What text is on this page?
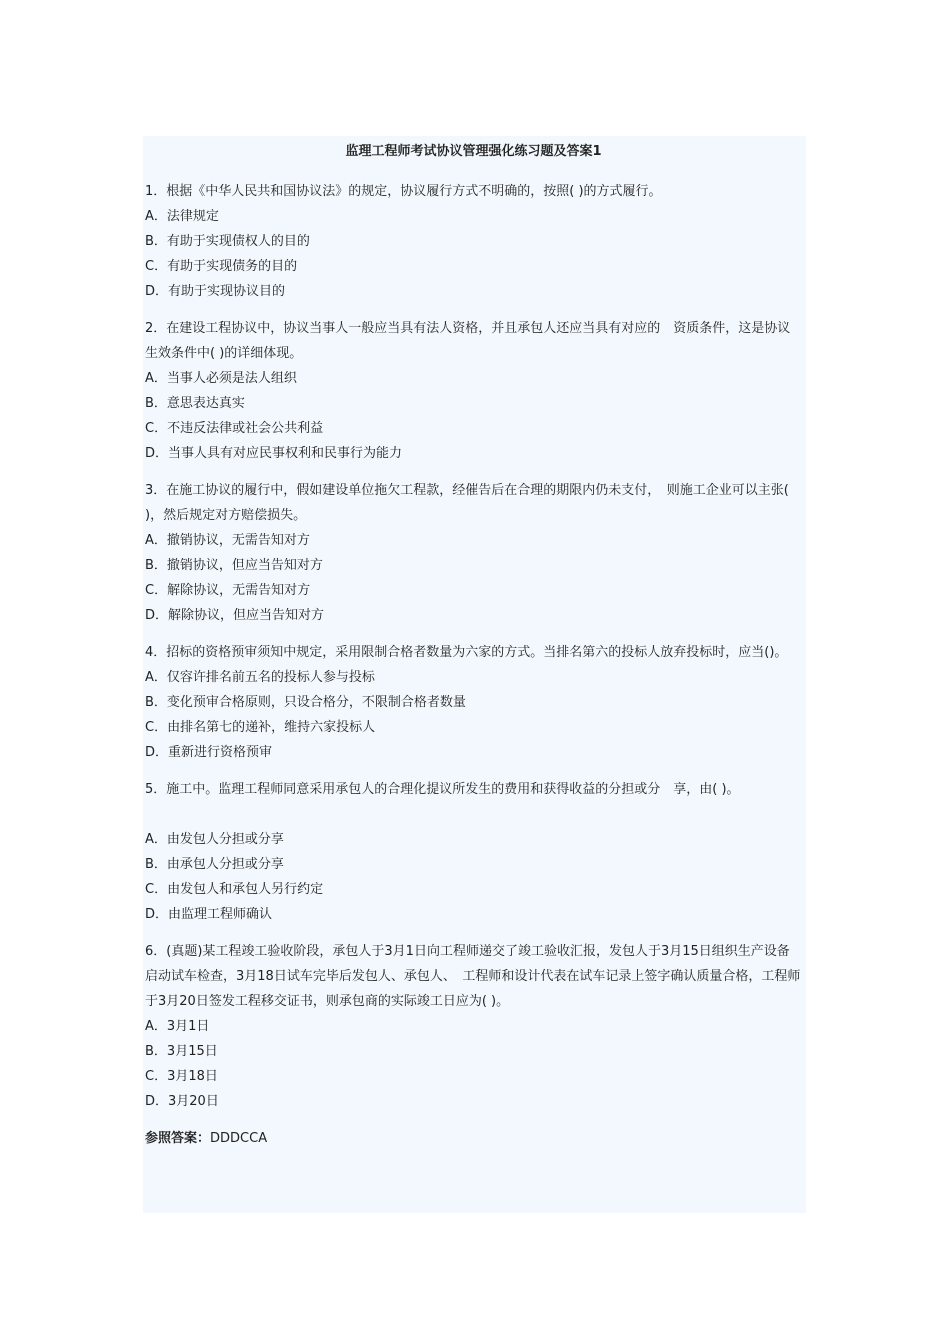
监理工程师考试协议管理强化练习题及答案1
1．根据《中华人民共和国协议法》的规定，协议履行方式不明确的，按照( )的方式履行。
A．法律规定
B．有助于实现债权人的目的
C．有助于实现债务的目的
D．有助于实现协议目的
2．在建设工程协议中，协议当事人一般应当具有法人资格，并且承包人还应当具有对应的　资质条件，这是协议生效条件中( )的详细体现。
A．当事人必须是法人组织
B．意思表达真实
C．不违反法律或社会公共利益
D．当事人具有对应民事权利和民事行为能力
3．在施工协议的履行中，假如建设单位拖欠工程款，经催告后在合理的期限内仍未支付，　则施工企业可以主张( )，然后规定对方赔偿损失。
A．撤销协议，无需告知对方
B．撤销协议，但应当告知对方
C．解除协议，无需告知对方
D．解除协议，但应当告知对方
4．招标的资格预审须知中规定，采用限制合格者数量为六家的方式。当排名第六的投标人放弃投标时，应当()。
A．仅容许排名前五名的投标人参与投标
B．变化预审合格原则，只设合格分，不限制合格者数量
C．由排名第七的递补，维持六家投标人
D．重新进行资格预审
5．施工中。监理工程师同意采用承包人的合理化提议所发生的费用和获得收益的分担或分　享，由( )。
A．由发包人分担或分享
B．由承包人分担或分享
C．由发包人和承包人另行约定
D．由监理工程师确认
6．(真题)某工程竣工验收阶段，承包人于3月1日向工程师递交了竣工验收汇报，发包人于3月15日组织生产设备启动试车检查，3月18日试车完毕后发包人、承包人、　工程师和设计代表在试车记录上签字确认质量合格，工程师于3月20日签发工程移交证书，则承包商的实际竣工日应为( )。
A．3月1日
B．3月15日
C．3月18日
D．3月20日
参照答案：DDDCCA
